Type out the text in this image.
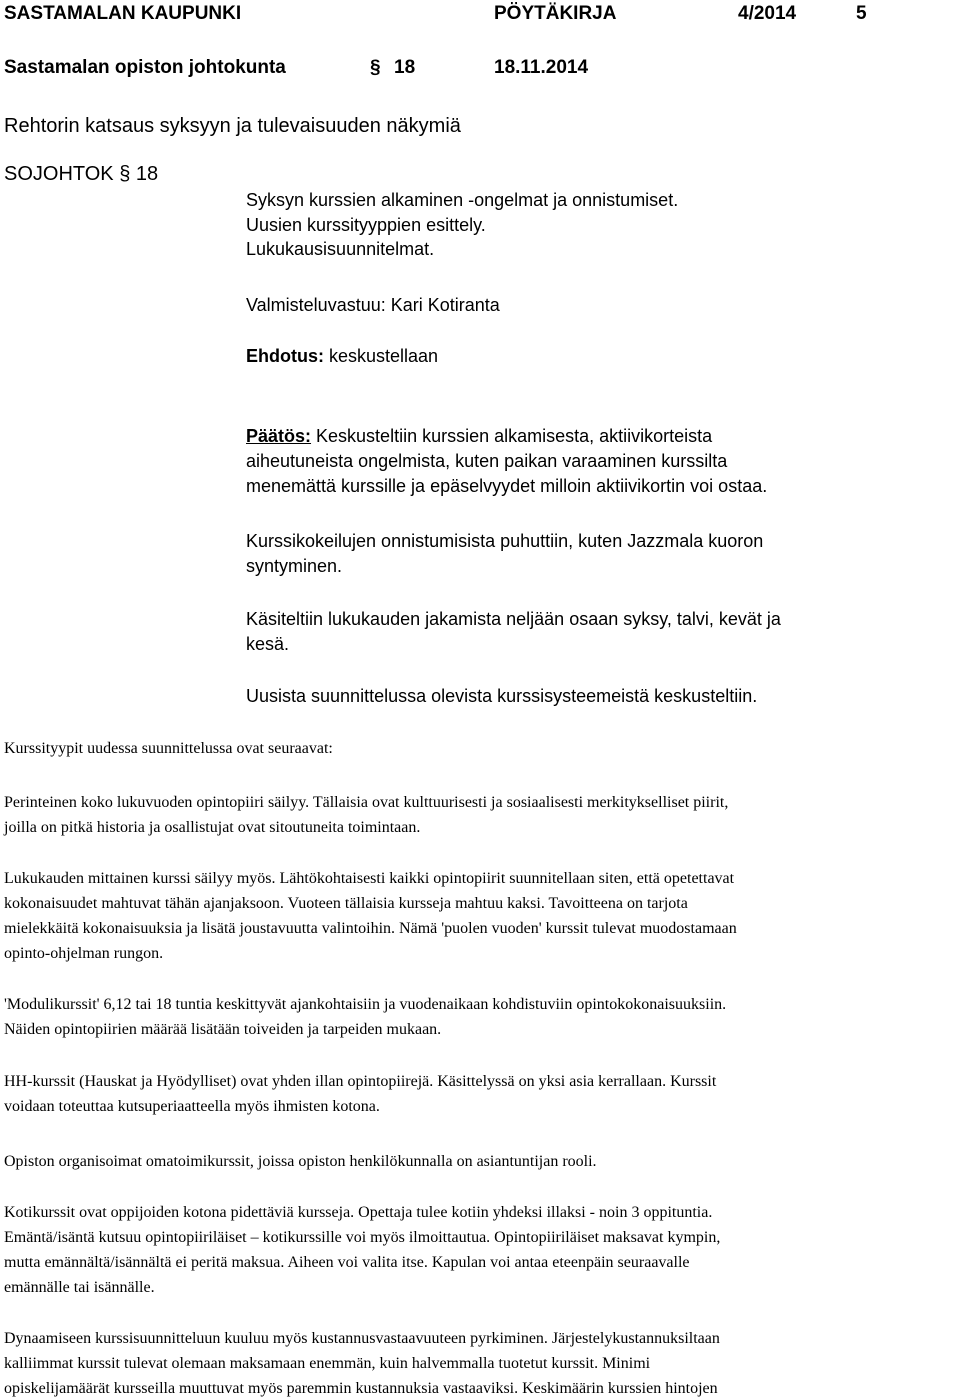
SASTAMALAN KAUPUNKI	PÖYTÄKIRJA	4/2014	5
Sastamalan opiston johtokunta	§ 18	18.11.2014
Rehtorin katsaus syksyyn ja tulevaisuuden näkymiä
SOJOHTOK § 18
Syksyn kurssien alkaminen -ongelmat ja onnistumiset.
Uusien kurssityyppien esittely.
Lukukausisuunnitelmat.
Valmisteluvastuu: Kari Kotiranta
Ehdotus: keskustellaan
Päätös: Keskusteltiin kurssien alkamisesta, aktiivikorteista
aiheutuneista ongelmista, kuten paikan varaaminen kurssilta
menemättä kurssille ja epäselvyydet milloin aktiivikortin voi ostaa.
Kurssikokeilujen onnistumisista puhuttiin, kuten Jazzmala kuoron
syntyminen.
Käsiteltiin lukukauden jakamista neljään osaan syksy, talvi, kevät ja
kesä.
Uusista suunnittelussa olevista kurssisysteemeistä keskusteltiin.
Kurssityypit uudessa suunnittelussa ovat seuraavat:
Perinteinen koko lukuvuoden opintopiiri säilyy. Tällaisia ovat kulttuurisesti ja sosiaalisesti merkitykselliset piirit,
joilla on pitkä historia ja osallistujat ovat sitoutuneita toimintaan.
Lukukauden mittainen kurssi säilyy myös. Lähtökohtaisesti kaikki opintopiirit suunnitellaan siten, että opetettavat
kokonaisuudet mahtuvat tähän ajanjaksoon. Vuoteen tällaisia kursseja mahtuu kaksi. Tavoitteena on tarjota
mielekkäitä kokonaisuuksia ja lisätä joustavuutta valintoihin. Nämä 'puolen vuoden' kurssit tulevat muodostamaan
opinto-ohjelman rungon.
'Modulikurssit' 6,12 tai 18 tuntia keskittyvät ajankohtaisiin ja vuodenaikaan kohdistuviin opintokokonaisuuksiin.
Näiden opintopiirien määrää lisätään toiveiden ja tarpeiden mukaan.
HH-kurssit (Hauskat ja Hyödylliset) ovat yhden illan opintopiirejä. Käsittelyssä on yksi asia kerrallaan. Kurssit
voidaan toteuttaa kutsuperiaatteella myös ihmisten kotona.
Opiston organisoimat omatoimikurssit, joissa opiston henkilökunnalla on asiantuntijan rooli.
Kotikurssit ovat oppijoiden kotona pidettäviä kursseja. Opettaja tulee kotiin yhdeksi illaksi - noin 3 oppituntia.
Emäntä/isäntä kutsuu opintopiiriläiset – kotikurssille voi myös ilmoittautua. Opintopiiriläiset maksavat kympin,
mutta emännältä/isännältä ei peritä maksua. Aiheen voi valita itse. Kapulan voi antaa eteenpäin seuraavalle
emännälle tai isännälle.
Dynaamiseen kurssisuunnitteluun kuuluu myös kustannusvastaavuuteen pyrkiminen. Järjestelykustannuksiltaan
kalliimmat kurssit tulevat olemaan maksamaan enemmän, kuin halvemmalla tuotetut kurssit. Minimi
opiskelijamäärät kursseilla muuttuvat myös paremmin kustannuksia vastaaviksi. Keskimäärin kurssien hintojen
